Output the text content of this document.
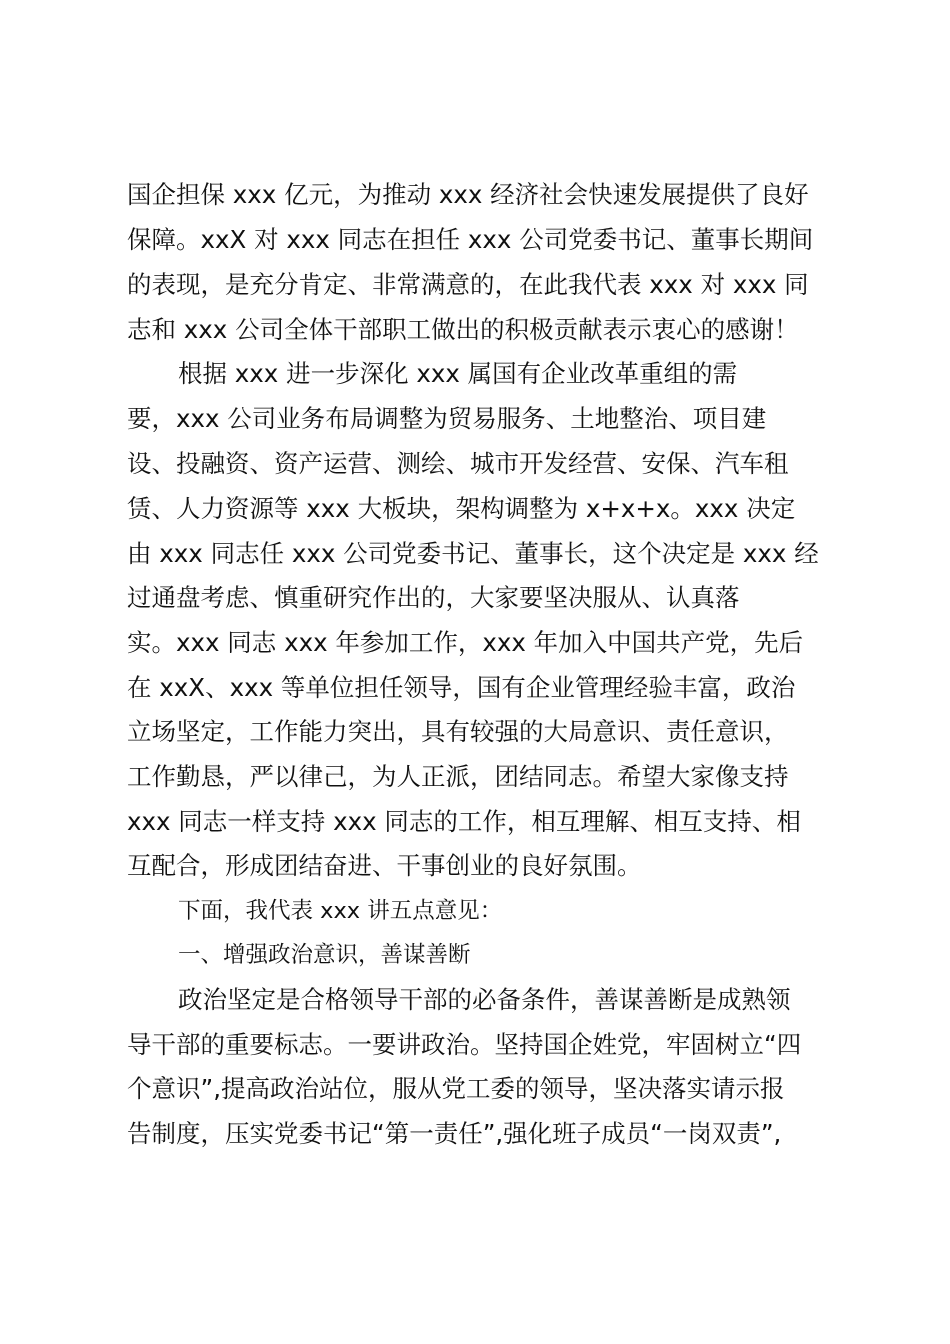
国企担保 xxx 亿元，为推动 xxx 经济社会快速发展提供了良好

保障。xxX 对 xxx 同志在担任 xxx 公司党委书记、董事长期间

的表现，是充分肯定、非常满意的，在此我代表 xxx 对 xxx 同

志和 xxx 公司全体干部职工做出的积极贡献表示衷心的感谢！

根据 xxx 进一步深化 xxx 属国有企业改革重组的需

要，xxx 公司业务布局调整为贸易服务、土地整治、项目建

设、投融资、资产运营、测绘、城市开发经营、安保、汽车租

赁、人力资源等 xxx 大板块，架构调整为 x+x+x。xxx 决定

由 xxx 同志任 xxx 公司党委书记、董事长，这个决定是 xxx 经

过通盘考虑、慎重研究作出的，大家要坚决服从、认真落

实。xxx 同志 xxx 年参加工作，xxx 年加入中国共产党，先后

在 xxX、xxx 等单位担任领导，国有企业管理经验丰富，政治

立场坚定，工作能力突出，具有较强的大局意识、责任意识，

工作勤恳，严以律己，为人正派，团结同志。希望大家像支持

xxx 同志一样支持 xxx 同志的工作，相互理解、相互支持、相

互配合，形成团结奋进、干事创业的良好氛围。

下面，我代表 xxx 讲五点意见：

一、增强政治意识，善谋善断

政治坚定是合格领导干部的必备条件，善谋善断是成熟领

导干部的重要标志。一要讲政治。坚持国企姓党，牢固树立“四

个意识”,提高政治站位，服从党工委的领导，坚决落实请示报

告制度，压实党委书记“第一责任”,强化班子成员“一岗双责”,
